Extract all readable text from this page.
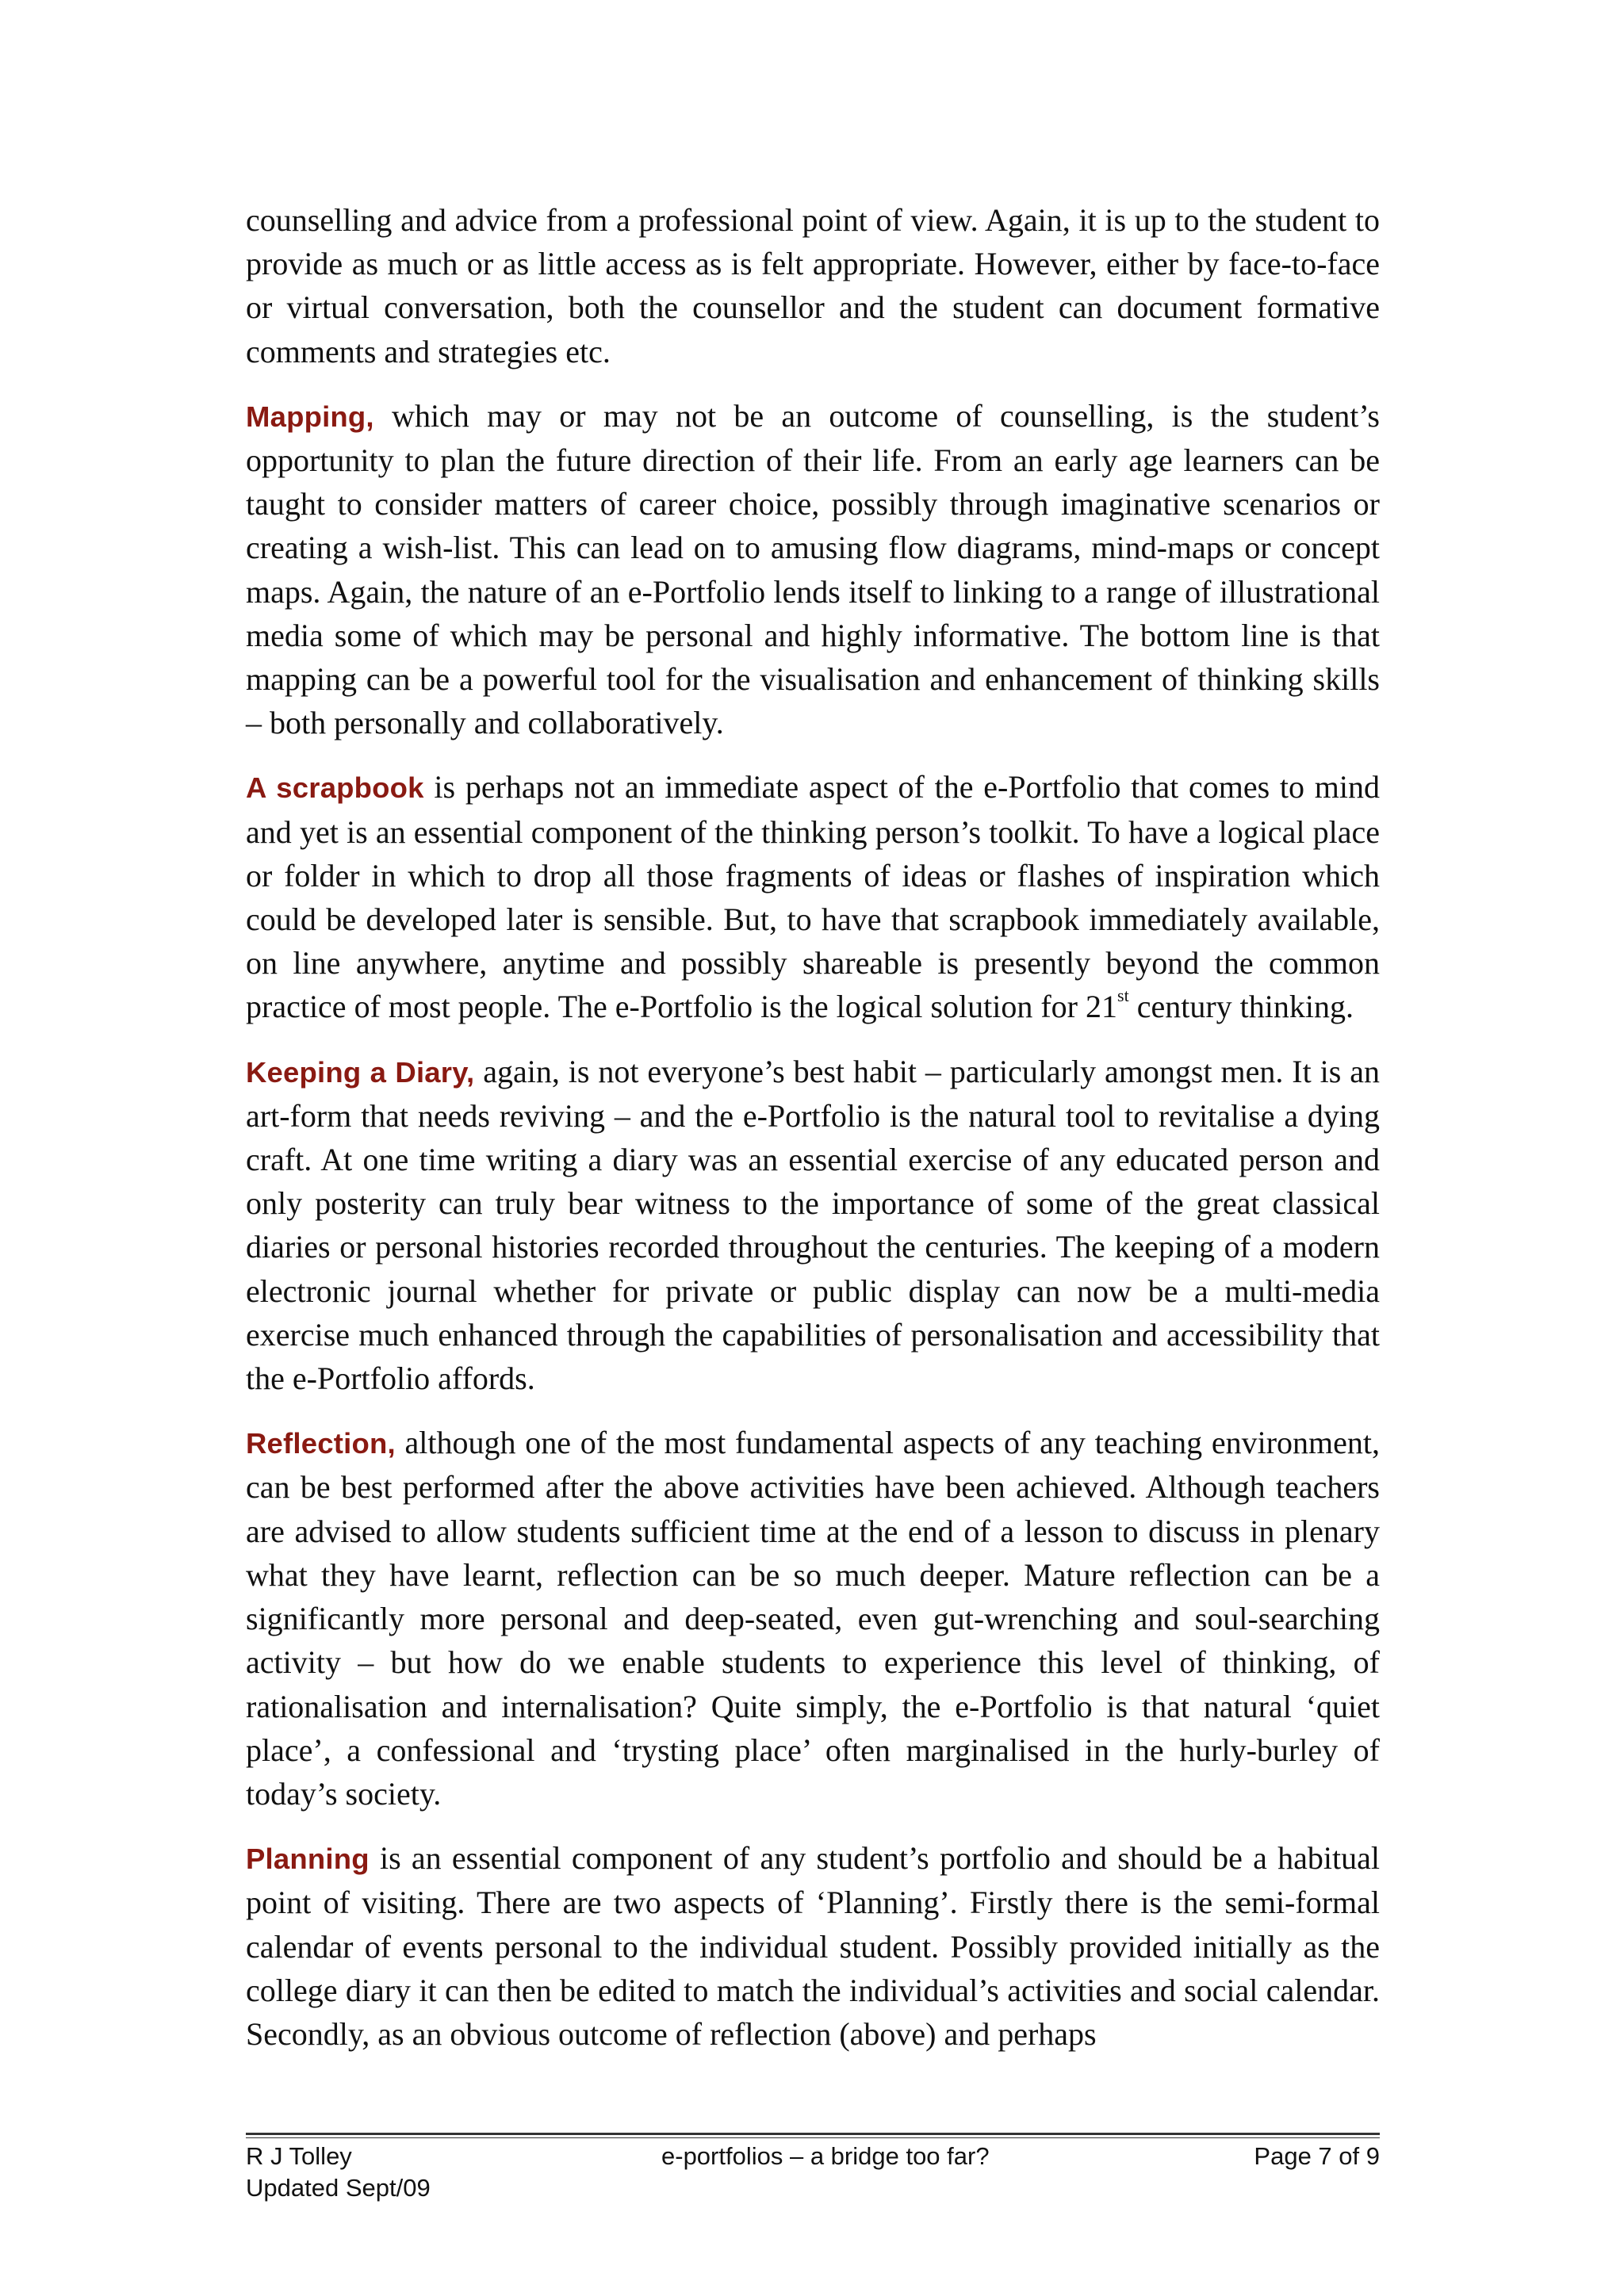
counselling and advice from a professional point of view. Again, it is up to the student to provide as much or as little access as is felt appropriate. However, either by face-to-face or virtual conversation, both the counsellor and the student can document formative comments and strategies etc.

Mapping, which may or may not be an outcome of counselling, is the student’s opportunity to plan the future direction of their life. From an early age learners can be taught to consider matters of career choice, possibly through imaginative scenarios or creating a wish-list. This can lead on to amusing flow diagrams, mind-maps or concept maps. Again, the nature of an e-Portfolio lends itself to linking to a range of illustrational media some of which may be personal and highly informative. The bottom line is that mapping can be a powerful tool for the visualisation and enhancement of thinking skills – both personally and collaboratively.

A scrapbook is perhaps not an immediate aspect of the e-Portfolio that comes to mind and yet is an essential component of the thinking person’s toolkit. To have a logical place or folder in which to drop all those fragments of ideas or flashes of inspiration which could be developed later is sensible. But, to have that scrapbook immediately available, on line anywhere, anytime and possibly shareable is presently beyond the common practice of most people. The e-Portfolio is the logical solution for 21st century thinking.

Keeping a Diary, again, is not everyone’s best habit – particularly amongst men. It is an art-form that needs reviving – and the e-Portfolio is the natural tool to revitalise a dying craft. At one time writing a diary was an essential exercise of any educated person and only posterity can truly bear witness to the importance of some of the great classical diaries or personal histories recorded throughout the centuries. The keeping of a modern electronic journal whether for private or public display can now be a multi-media exercise much enhanced through the capabilities of personalisation and accessibility that the e-Portfolio affords.

Reflection, although one of the most fundamental aspects of any teaching environment, can be best performed after the above activities have been achieved. Although teachers are advised to allow students sufficient time at the end of a lesson to discuss in plenary what they have learnt, reflection can be so much deeper. Mature reflection can be a significantly more personal and deep-seated, even gut-wrenching and soul-searching activity – but how do we enable students to experience this level of thinking, of rationalisation and internalisation? Quite simply, the e-Portfolio is that natural ‘quiet place’, a confessional and ‘trysting place’ often marginalised in the hurly-burley of today’s society.

Planning is an essential component of any student’s portfolio and should be a habitual point of visiting. There are two aspects of ‘Planning’. Firstly there is the semi-formal calendar of events personal to the individual student. Possibly provided initially as the college diary it can then be edited to match the individual’s activities and social calendar. Secondly, as an obvious outcome of reflection (above) and perhaps

R J Tolley	e-portfolios – a bridge too far?	Page 7 of 9
Updated Sept/09
